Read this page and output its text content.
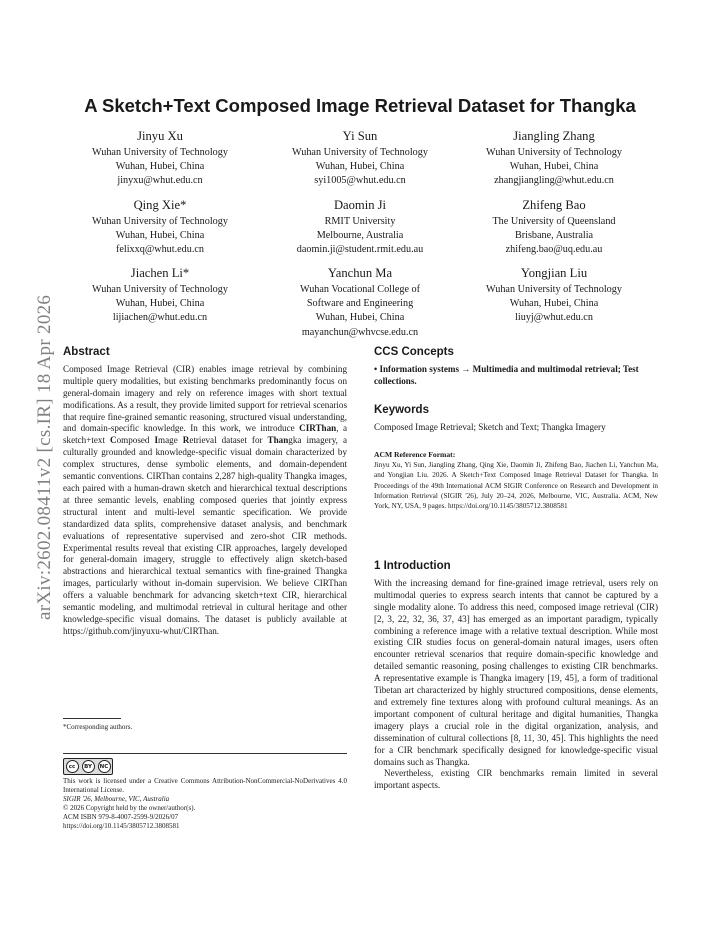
arXiv:2602.08411v2 [cs.IR] 18 Apr 2026
A Sketch+Text Composed Image Retrieval Dataset for Thangka
Jinyu Xu
Wuhan University of Technology
Wuhan, Hubei, China
jinyxu@whut.edu.cn
Yi Sun
Wuhan University of Technology
Wuhan, Hubei, China
syi1005@whut.edu.cn
Jiangling Zhang
Wuhan University of Technology
Wuhan, Hubei, China
zhangjiangling@whut.edu.cn
Qing Xie*
Wuhan University of Technology
Wuhan, Hubei, China
felixxq@whut.edu.cn
Daomin Ji
RMIT University
Melbourne, Australia
daomin.ji@student.rmit.edu.au
Zhifeng Bao
The University of Queensland
Brisbane, Australia
zhifeng.bao@uq.edu.au
Jiachen Li*
Wuhan University of Technology
Wuhan, Hubei, China
lijiachen@whut.edu.cn
Yanchun Ma
Wuhan Vocational College of
Software and Engineering
Wuhan, Hubei, China
mayanchun@whvcse.edu.cn
Yongjian Liu
Wuhan University of Technology
Wuhan, Hubei, China
liuyj@whut.edu.cn
Abstract

Composed Image Retrieval (CIR) enables image retrieval by combining multiple query modalities, but existing benchmarks predominantly focus on general-domain imagery and rely on reference images with short textual modifications. As a result, they provide limited support for retrieval scenarios that require fine-grained semantic reasoning, structured visual understanding, and domain-specific knowledge. In this work, we introduce CIRThan, a sketch+text Composed Image Retrieval dataset for Thangka imagery, a culturally grounded and knowledge-specific visual domain characterized by complex structures, dense symbolic elements, and domain-dependent semantic conventions. CIRThan contains 2,287 high-quality Thangka images, each paired with a human-drawn sketch and hierarchical textual descriptions at three semantic levels, enabling composed queries that jointly express structural intent and multi-level semantic specification. We provide standardized data splits, comprehensive dataset analysis, and benchmark evaluations of representative supervised and zero-shot CIR methods. Experimental results reveal that existing CIR approaches, largely developed for general-domain imagery, struggle to effectively align sketch-based abstractions and hierarchical textual semantics with fine-grained Thangka images, particularly without in-domain supervision. We believe CIRThan offers a valuable benchmark for advancing sketch+text CIR, hierarchical semantic modeling, and multimodal retrieval in cultural heritage and other knowledge-specific visual domains. The dataset is publicly available at https://github.com/jinyuxu-whut/CIRThan.

*Corresponding authors.
cc	BY	NC

This work is licensed under a Creative Commons Attribution-NonCommercial-NoDerivatives 4.0 International License.

SIGIR '26, Melbourne, VIC, Australia

© 2026 Copyright held by the owner/author(s).

ACM ISBN 979-8-4007-2599-9/2026/07

https://doi.org/10.1145/3805712.3808581

CCS Concepts

• Information systems → Multimedia and multimodal retrieval; Test collections.

Keywords

Composed Image Retrieval; Sketch and Text; Thangka Imagery

ACM Reference Format:

Jinyu Xu, Yi Sun, Jiangling Zhang, Qing Xie, Daomin Ji, Zhifeng Bao, Jiachen Li, Yanchun Ma, and Yongjian Liu. 2026. A Sketch+Text Composed Image Retrieval Dataset for Thangka. In Proceedings of the 49th International ACM SIGIR Conference on Research and Development in Information Retrieval (SIGIR '26), July 20–24, 2026, Melbourne, VIC, Australia. ACM, New York, NY, USA, 9 pages. https://doi.org/10.1145/3805712.3808581

1 Introduction

With the increasing demand for fine-grained image retrieval, users rely on multimodal queries to express search intents that cannot be captured by a single modality alone. To address this need, composed image retrieval (CIR) [2, 3, 22, 32, 36, 37, 43] has emerged as an important paradigm, typically combining a reference image with a relative textual description. While most existing CIR studies focus on general-domain natural images, users often encounter retrieval scenarios that require domain-specific knowledge and detailed semantic reasoning, posing challenges to existing CIR benchmarks. A representative example is Thangka imagery [19, 45], a form of traditional Tibetan art characterized by highly structured compositions, dense elements, and extremely fine textures along with profound cultural meanings. As an important component of cultural heritage and digital humanities, Thangka imagery plays a crucial role in the digital organization, analysis, and dissemination of cultural collections [8, 11, 30, 45]. This highlights the need for a CIR benchmark specifically designed for knowledge-specific visual domains such as Thangka.

Nevertheless, existing CIR benchmarks remain limited in several important aspects.
